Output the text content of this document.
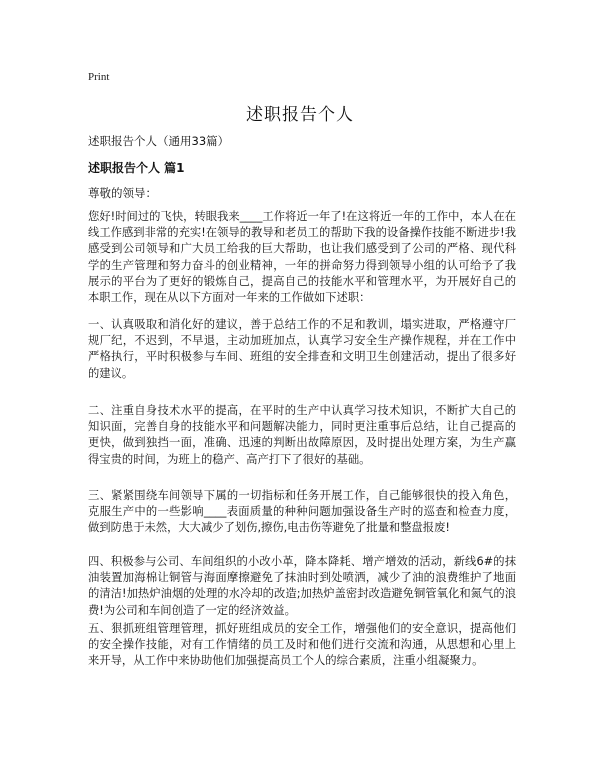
Print

述职报告个人

述职报告个人（通用33篇）

述职报告个人 篇1

尊敬的领导：

您好!时间过的飞快，转眼我来____工作将近一年了!在这将近一年的工作中，本人在在线工作感到非常的充实!在领导的教导和老员工的帮助下我的设备操作技能不断进步!我感受到公司领导和广大员工给我的巨大帮助，也让我们感受到了公司的严格、现代科学的生产管理和努力奋斗的创业精神，一年的拼命努力得到领导小组的认可给予了我展示的平台为了更好的锻炼自己，提高自己的技能水平和管理水平，为开展好自己的本职工作，现在从以下方面对一年来的工作做如下述职：

一、认真吸取和消化好的建议，善于总结工作的不足和教训，塌实进取，严格遵守厂规厂纪，不迟到，不早退，主动加班加点，认真学习安全生产操作规程，并在工作中严格执行，平时积极参与车间、班组的安全排查和文明卫生创建活动，提出了很多好的建议。

二、注重自身技术水平的提高，在平时的生产中认真学习技术知识，不断扩大自己的知识面，完善自身的技能水平和问题解决能力，同时更注重事后总结，让自己提高的更快，做到独挡一面，准确、迅速的判断出故障原因，及时提出处理方案，为生产赢得宝贵的时间，为班上的稳产、高产打下了很好的基础。

三、紧紧围绕车间领导下属的一切指标和任务开展工作，自己能够很快的投入角色，克服生产中的一些影响____表面质量的种种问题加强设备生产时的巡查和检查力度，做到防患于未然，大大减少了划伤,擦伤,电击伤等避免了批量和整盘报废!

四、积极参与公司、车间组织的小改小革，降本降耗、增产增效的活动，新线6#的抹油装置加海棉让铜管与海面摩擦避免了抹油时到处喷洒，减少了油的浪费维护了地面的清洁!加热炉油烟的处理的水冷却的改造;加热炉盖密封改造避免铜管氧化和氮气的浪费!为公司和车间创造了一定的经济效益。

五、狠抓班组管理管理，抓好班组成员的安全工作，增强他们的安全意识，提高他们的安全操作技能，对有工作情绪的员工及时和他们进行交流和沟通，从思想和心里上来开导，从工作中来协助他们加强提高员工个人的综合素质，注重小组凝聚力。
